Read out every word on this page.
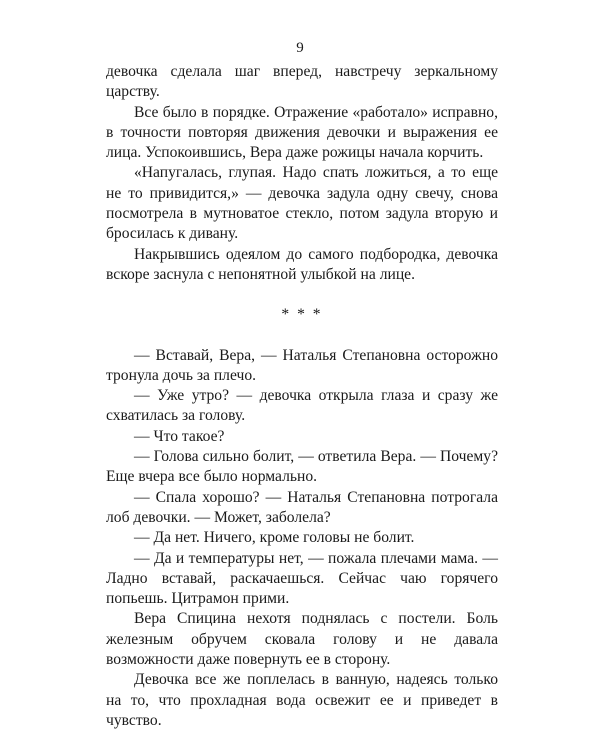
9

девочка сделала шаг вперед, навстречу зеркальному царству.

Все было в порядке. Отражение «работало» исправно, в точности повторяя движения девочки и выражения ее лица. Успокоившись, Вера даже рожицы начала корчить.

«Напугалась, глупая. Надо спать ложиться, а то еще не то привидится,» — девочка задула одну свечу, снова посмотрела в мутноватое стекло, потом задула вторую и бросилась к дивану.

Накрывшись одеялом до самого подбородка, девочка вскоре заснула с непонятной улыбкой на лице.

* * *

— Вставай, Вера, — Наталья Степановна осторожно тронула дочь за плечо.

— Уже утро? — девочка открыла глаза и сразу же схватилась за голову.

— Что такое?

— Голова сильно болит, — ответила Вера. — Почему? Еще вчера все было нормально.

— Спала хорошо? — Наталья Степановна потрогала лоб девочки. — Может, заболела?

— Да нет. Ничего, кроме головы не болит.

— Да и температуры нет, — пожала плечами мама. — Ладно вставай, раскачаешься. Сейчас чаю горячего попьешь. Цитрамон прими.

Вера Спицина нехотя поднялась с постели. Боль железным обручем сковала голову и не давала возможности даже повернуть ее в сторону.

Девочка все же поплелась в ванную, надеясь только на то, что прохладная вода освежит ее и приведет в чувство.
